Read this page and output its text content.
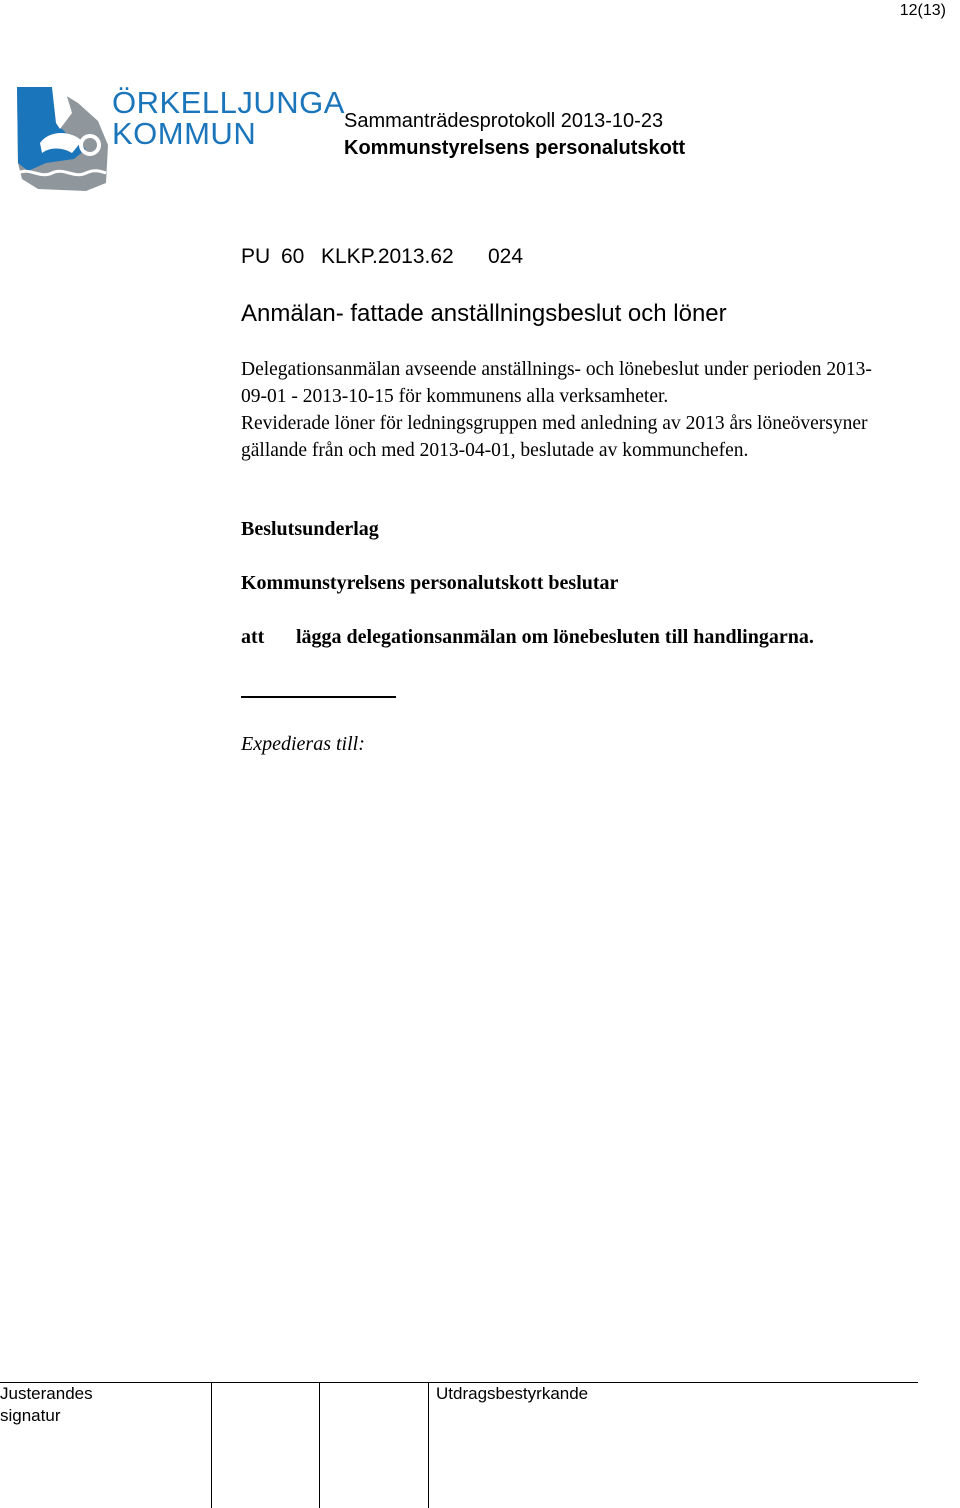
12(13)
ÖRKELLJUNGA
KOMMUN	Sammanträdesprotokoll 2013-10-23
Kommunstyrelsens personalutskott
PU 60 KLKP.2013.62 024
Anmälan- fattade anställningsbeslut och löner

Delegationsanmälan avseende anställnings- och lönebeslut under perioden 2013-09-01 - 2013-10-15 för kommunens alla verksamheter.

Reviderade löner för ledningsgruppen med anledning av 2013 års löneöversyner gällande från och med 2013-04-01, beslutade av kommunchefen.

Beslutsunderlag
Kommunstyrelsens personalutskott beslutar
att lägga delegationsanmälan om lönebesluten till handlingarna.
Expedieras till:
Justerandes
signatur
Utdragsbestyrkande
